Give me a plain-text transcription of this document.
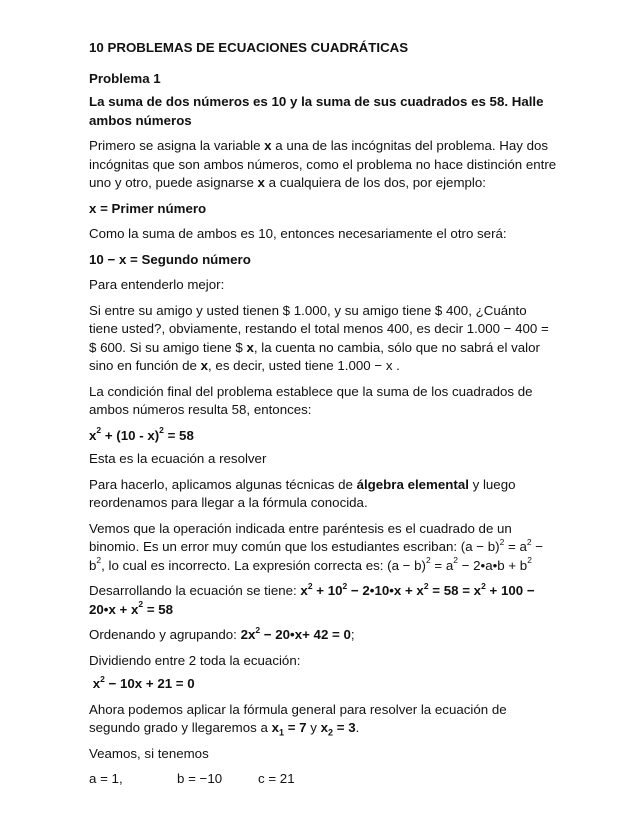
10 PROBLEMAS DE ECUACIONES CUADRÁTICAS

Problema 1

La suma de dos números es 10 y la suma de sus cuadrados es 58. Halle ambos números

Primero se asigna la variable x a una de las incógnitas del problema. Hay dos incógnitas que son ambos números, como el problema no hace distinción entre uno y otro, puede asignarse x a cualquiera de los dos, por ejemplo:

x = Primer número

Como la suma de ambos es 10, entonces necesariamente el otro será:

10 − x = Segundo número

Para entenderlo mejor:

Si entre su amigo y usted tienen $ 1.000, y su amigo tiene $ 400, ¿Cuánto tiene usted?, obviamente, restando el total menos 400, es decir 1.000 − 400 = $ 600. Si su amigo tiene $ x, la cuenta no cambia, sólo que no sabrá el valor sino en función de x, es decir, usted tiene 1.000 − x .

La condición final del problema establece que la suma de los cuadrados de ambos números resulta 58, entonces:

$x^2 + (10 - x)^2 = 58$

Esta es la ecuación a resolver

Para hacerlo, aplicamos algunas técnicas de álgebra elemental y luego reordenamos para llegar a la fórmula conocida.

Vemos que la operación indicada entre paréntesis es el cuadrado de un binomio. Es un error muy común que los estudiantes escriban: $(a - b)^2 = a^2 - b^2$, lo cual es incorrecto. La expresión correcta es: $(a - b)^2 = a^2$ − 2•a•b + $b^2$

Desarrollando la ecuación se tiene: $x^2 + 10^2$ − 2•10•x + $x^2 = 58 = x^2 + 100$ − 20•x + $x^2 = 58$

Ordenando y agrupando: $2x^2$ − 20•x+ 42 = 0;

Dividiendo entre 2 toda la ecuación:

$x^2 - 10x + 21 = 0$

Ahora podemos aplicar la fórmula general para resolver la ecuación de segundo grado y llegaremos a $x_1 = 7$ y $x_2 = 3$.

Veamos, si tenemos

a = 1,	b = −10	c = 21
